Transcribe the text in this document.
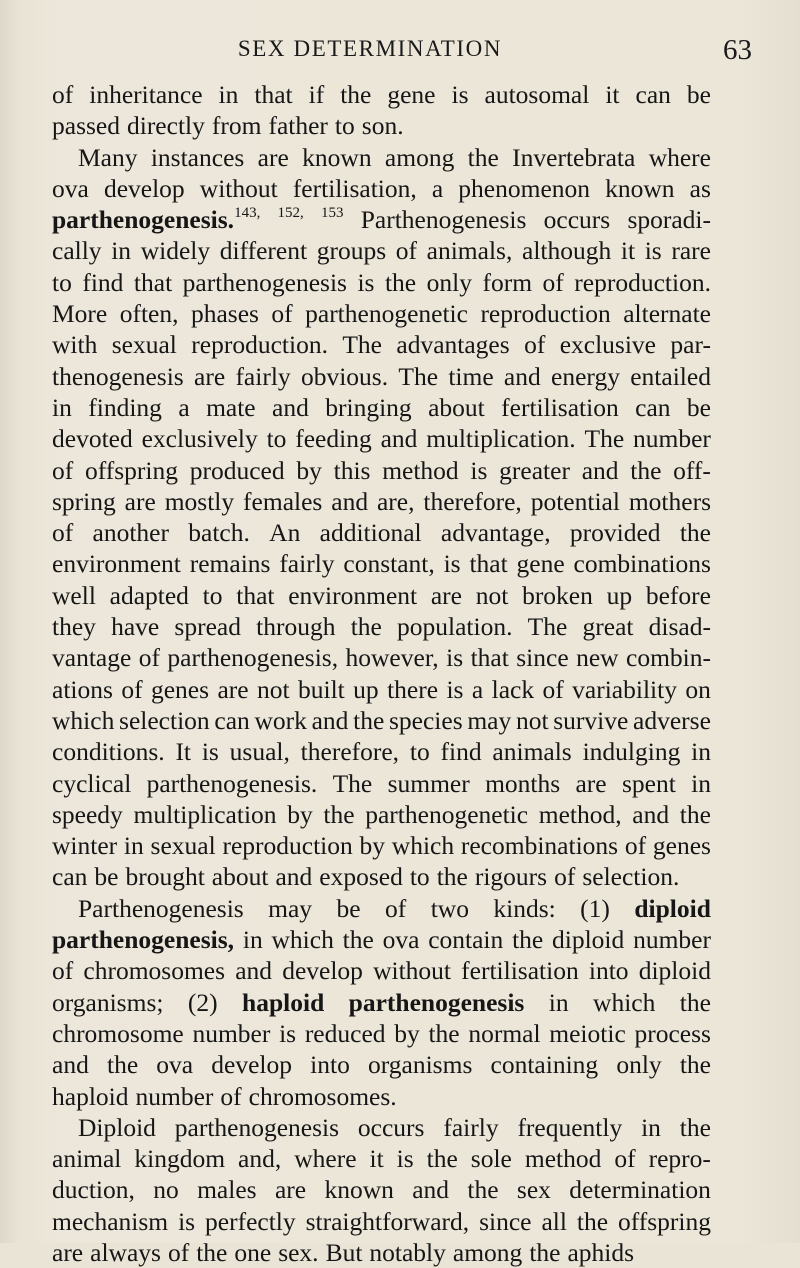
SEX DETERMINATION	63
of inheritance in that if the gene is autosomal it can be
passed directly from father to son.
Many instances are known among the Invertebrata where
ova develop without fertilisation, a phenomenon known as
parthenogenesis.$^{143,}$ $^{152,}$ $^{153}$ Parthenogenesis occurs sporadi-
cally in widely different groups of animals, although it is rare
to find that parthenogenesis is the only form of reproduction.
More often, phases of parthenogenetic reproduction alternate
with sexual reproduction. The advantages of exclusive par-
thenogenesis are fairly obvious. The time and energy entailed
in finding a mate and bringing about fertilisation can be
devoted exclusively to feeding and multiplication. The number
of offspring produced by this method is greater and the off-
spring are mostly females and are, therefore, potential mothers
of another batch. An additional advantage, provided the
environment remains fairly constant, is that gene combinations
well adapted to that environment are not broken up before
they have spread through the population. The great disad-
vantage of parthenogenesis, however, is that since new combin-
ations of genes are not built up there is a lack of variability on
which selection can work and the species may not survive adverse
conditions. It is usual, therefore, to find animals indulging in
cyclical parthenogenesis. The summer months are spent in
speedy multiplication by the parthenogenetic method, and the
winter in sexual reproduction by which recombinations of genes
can be brought about and exposed to the rigours of selection.
Parthenogenesis may be of two kinds: (1) diploid
parthenogenesis, in which the ova contain the diploid number
of chromosomes and develop without fertilisation into diploid
organisms; (2) haploid parthenogenesis in which the
chromosome number is reduced by the normal meiotic process
and the ova develop into organisms containing only the
haploid number of chromosomes.
Diploid parthenogenesis occurs fairly frequently in the
animal kingdom and, where it is the sole method of repro-
duction, no males are known and the sex determination
mechanism is perfectly straightforward, since all the offspring
are always of the one sex. But notably among the aphids
